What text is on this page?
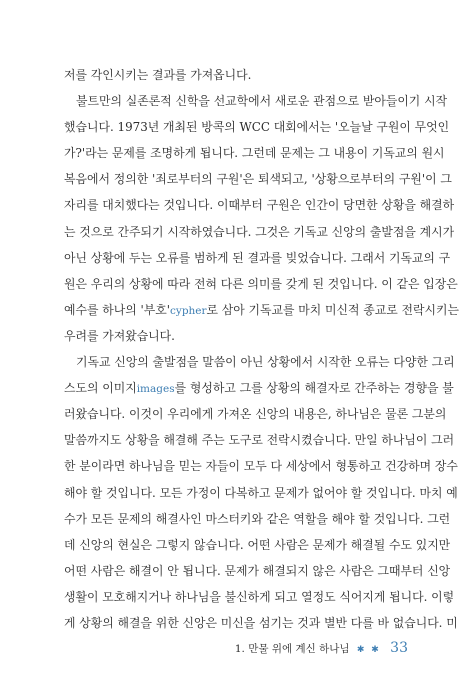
저를 각인시키는 결과를 가져옵니다.
불트만의 실존론적 신학을 선교학에서 새로운 관점으로 받아들이기 시작
했습니다. 1973년 개최된 방콕의 WCC 대회에서는 '오늘날 구원이 무엇인
가?'라는 문제를 조명하게 됩니다. 그런데 문제는 그 내용이 기독교의 원시
복음에서 정의한 '죄로부터의 구원'은 퇴색되고, '상황으로부터의 구원'이 그
자리를 대치했다는 것입니다. 이때부터 구원은 인간이 당면한 상황을 해결하
는 것으로 간주되기 시작하였습니다. 그것은 기독교 신앙의 출발점을 계시가
아닌 상황에 두는 오류를 범하게 된 결과를 빚었습니다. 그래서 기독교의 구
원은 우리의 상황에 따라 전혀 다른 의미를 갖게 된 것입니다. 이 같은 입장은
예수를 하나의 '부호'cypher로 삼아 기독교를 마치 미신적 종교로 전락시키는
우려를 가져왔습니다.
기독교 신앙의 출발점을 말씀이 아닌 상황에서 시작한 오류는 다양한 그리
스도의 이미지images를 형성하고 그를 상황의 해결자로 간주하는 경향을 불
러왔습니다. 이것이 우리에게 가져온 신앙의 내용은, 하나님은 물론 그분의
말씀까지도 상황을 해결해 주는 도구로 전락시켰습니다. 만일 하나님이 그러
한 분이라면 하나님을 믿는 자들이 모두 다 세상에서 형통하고 건강하며 장수
해야 할 것입니다. 모든 가정이 다복하고 문제가 없어야 할 것입니다. 마치 예
수가 모든 문제의 해결사인 마스터키와 같은 역할을 해야 할 것입니다. 그런
데 신앙의 현실은 그렇지 않습니다. 어떤 사람은 문제가 해결될 수도 있지만
어떤 사람은 해결이 안 됩니다. 문제가 해결되지 않은 사람은 그때부터 신앙
생활이 모호해지거나 하나님을 불신하게 되고 열정도 식어지게 됩니다. 이렇
게 상황의 해결을 위한 신앙은 미신을 섬기는 것과 별반 다를 바 없습니다. 미
1. 만물 위에 계신 하나님 ✱ ✱ 33
